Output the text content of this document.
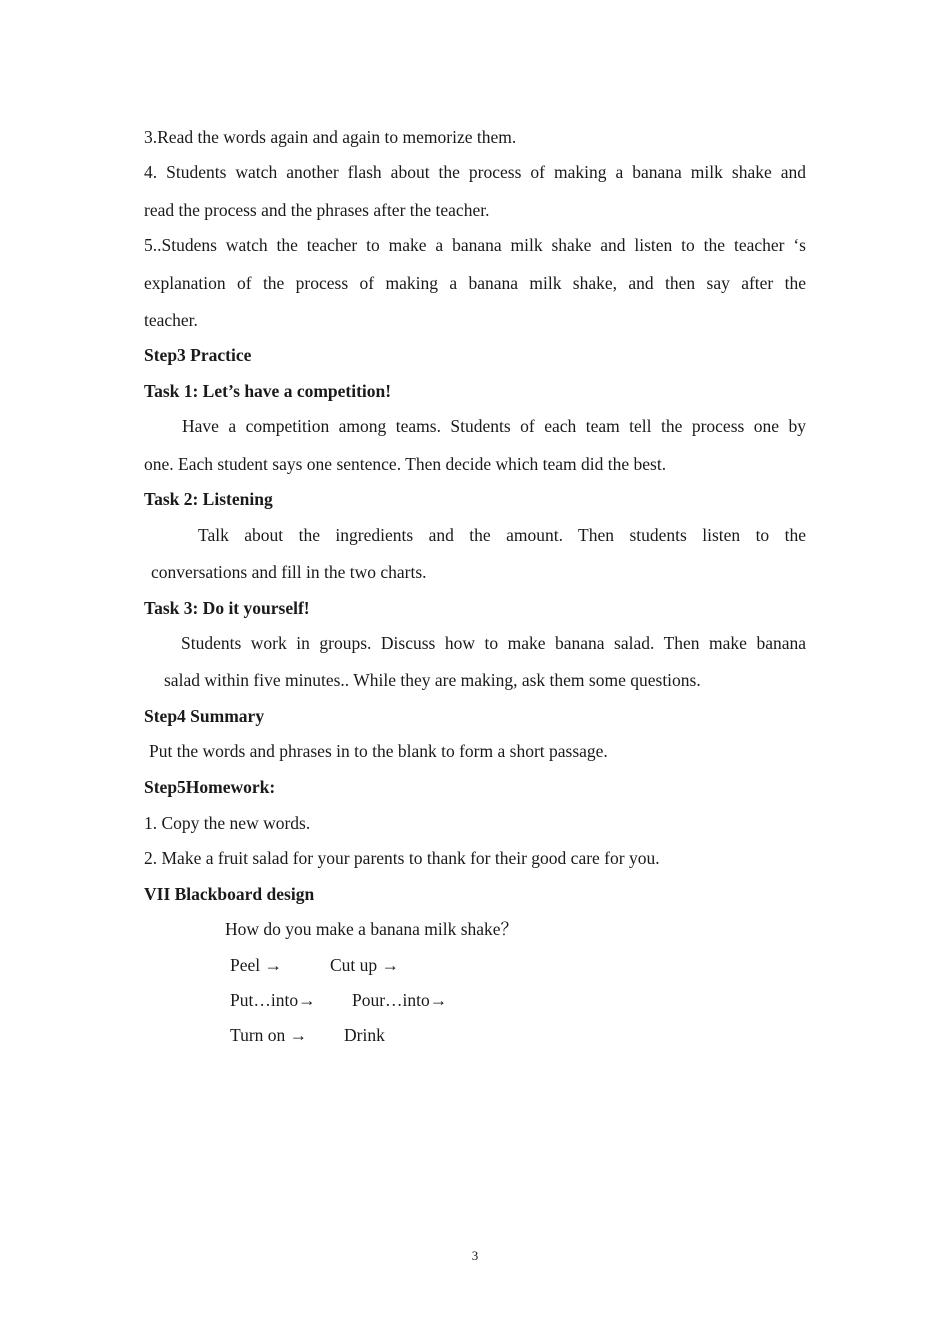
3.Read the words again and again to memorize them.
4. Students watch another flash about the process of making a banana milk shake and
read the process and the phrases after the teacher.
5..Studens watch the teacher to make a banana milk shake and listen to the teacher ‘s
explanation of the process of making a banana milk shake, and then say after the
teacher.
Step3 Practice
Task 1: Let’s have a competition!
Have a competition among teams. Students of each team tell the process one by
one. Each student says one sentence. Then decide which team did the best.
Task 2: Listening
Talk about the ingredients and the amount. Then students listen to the
conversations and fill in the two charts.
Task 3: Do it yourself!
Students work in groups. Discuss how to make banana salad. Then make banana
salad within five minutes.. While they are making, ask them some questions.
Step4 Summary
Put the words and phrases in to the blank to form a short passage.
Step5Homework:
1. Copy the new words.
2. Make a fruit salad for your parents to thank for their good care for you.
VII Blackboard design
How do you make a banana milk shake？
Peel →	Cut up →
Put…into→ Pour…into→
Turn on → Drink
3
